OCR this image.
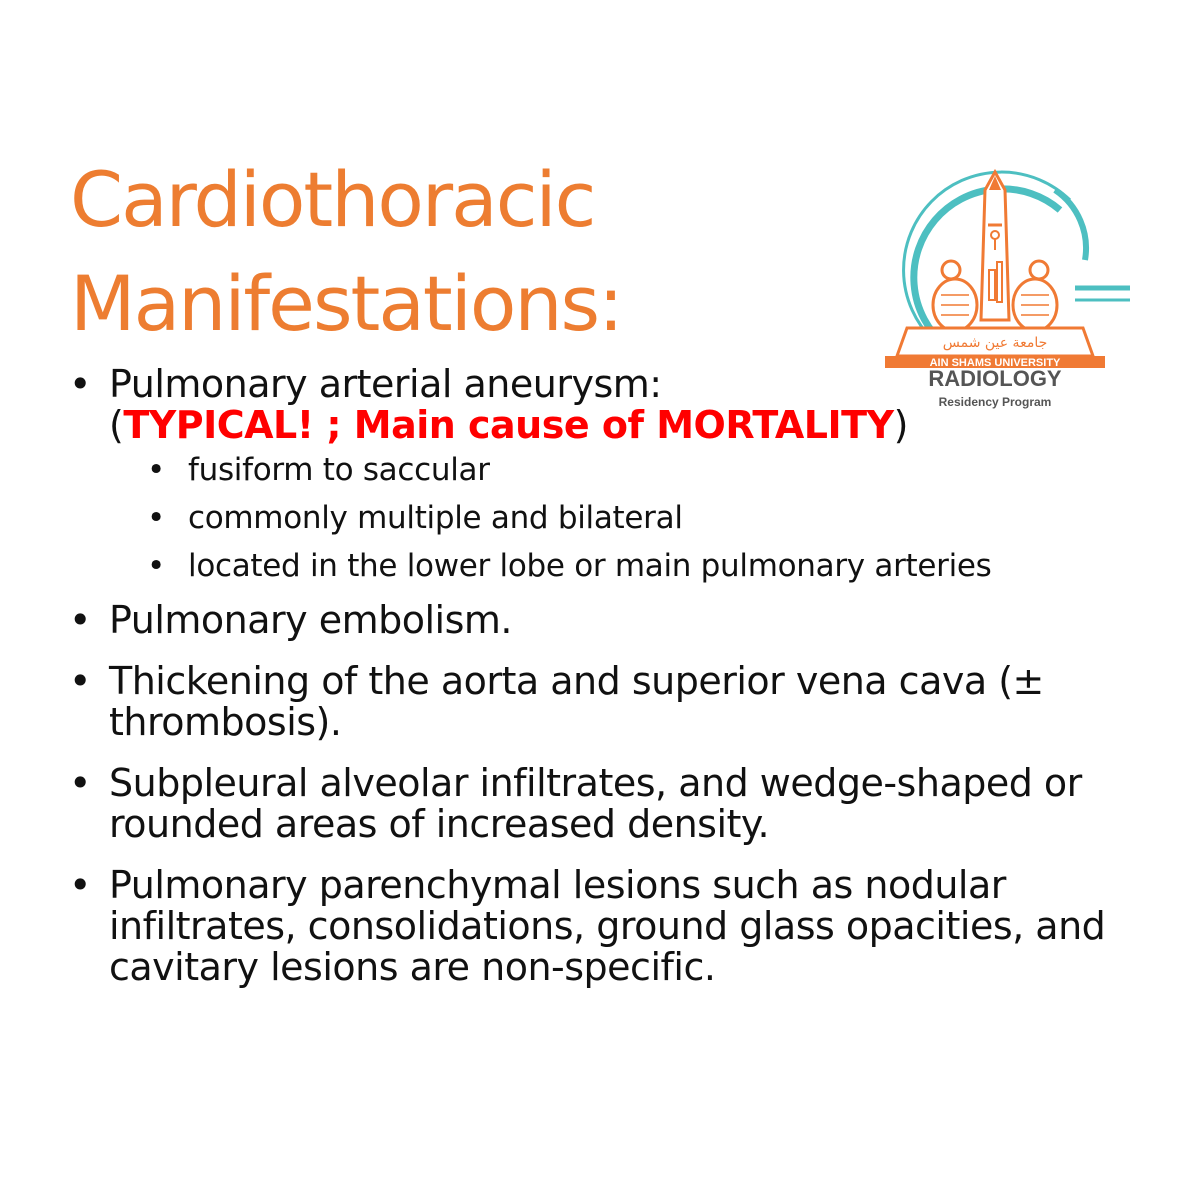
Cardiothoracic
Manifestations:	جامعة عين شمس
AIN SHAMS UNIVERSITY
RADIOLOGY
Residency Program
• Pulmonary arterial aneurysm:
(TYPICAL! ; Main cause of MORTALITY)
• fusiform to saccular
• commonly multiple and bilateral
• located in the lower lobe or main pulmonary arteries
• Pulmonary embolism.
• Thickening of the aorta and superior vena cava (± thrombosis).
• Subpleural alveolar infiltrates, and wedge-shaped or rounded areas of increased density.
• Pulmonary parenchymal lesions such as nodular infiltrates, consolidations, ground glass opacities, and cavitary lesions are non-specific.
